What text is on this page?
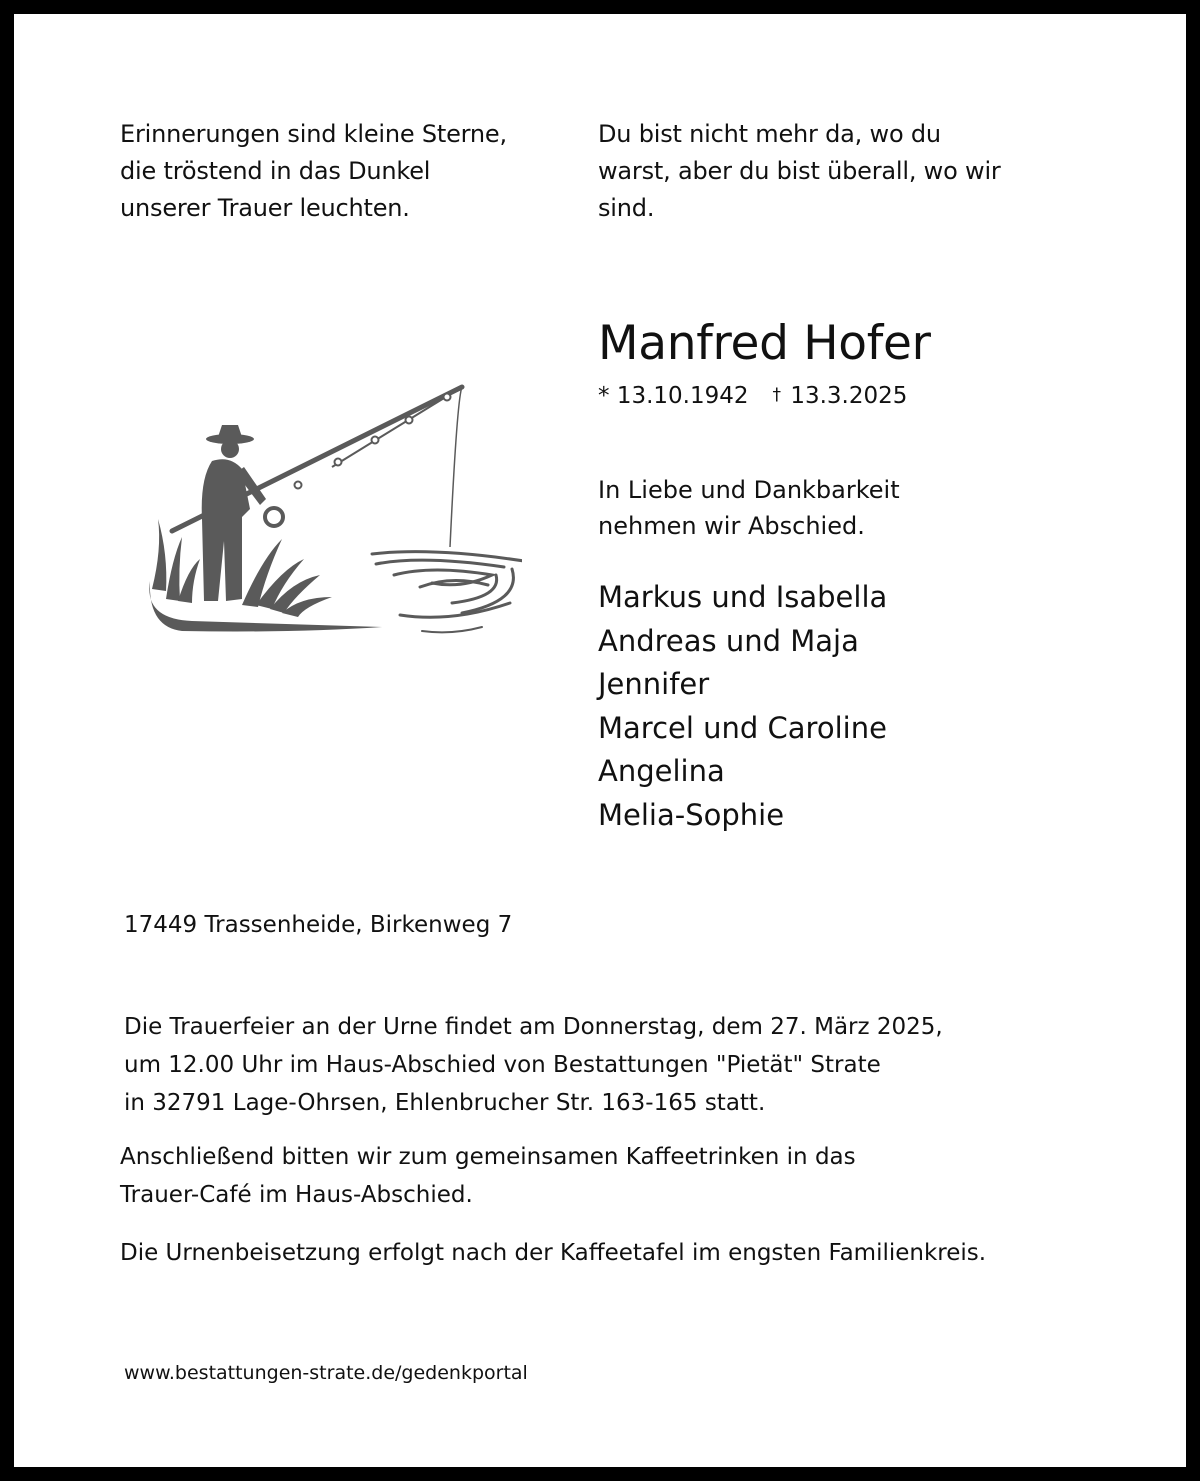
Erinnerungen sind kleine Sterne,
die tröstend in das Dunkel
unserer Trauer leuchten.
Du bist nicht mehr da, wo du
warst, aber du bist überall, wo wir
sind.
Manfred Hofer
* 13.10.1942 † 13.3.2025
In Liebe und Dankbarkeit
nehmen wir Abschied.
Markus und Isabella
Andreas und Maja
Jennifer
Marcel und Caroline
Angelina
Melia-Sophie
17449 Trassenheide, Birkenweg 7
Die Trauerfeier an der Urne findet am Donnerstag, dem 27. März 2025,
um 12.00 Uhr im Haus-Abschied von Bestattungen "Pietät" Strate
in 32791 Lage-Ohrsen, Ehlenbrucher Str. 163-165 statt.
Anschließend bitten wir zum gemeinsamen Kaffeetrinken in das
Trauer-Café im Haus-Abschied.
Die Urnenbeisetzung erfolgt nach der Kaffeetafel im engsten Familienkreis.
www.bestattungen-strate.de/gedenkportal
